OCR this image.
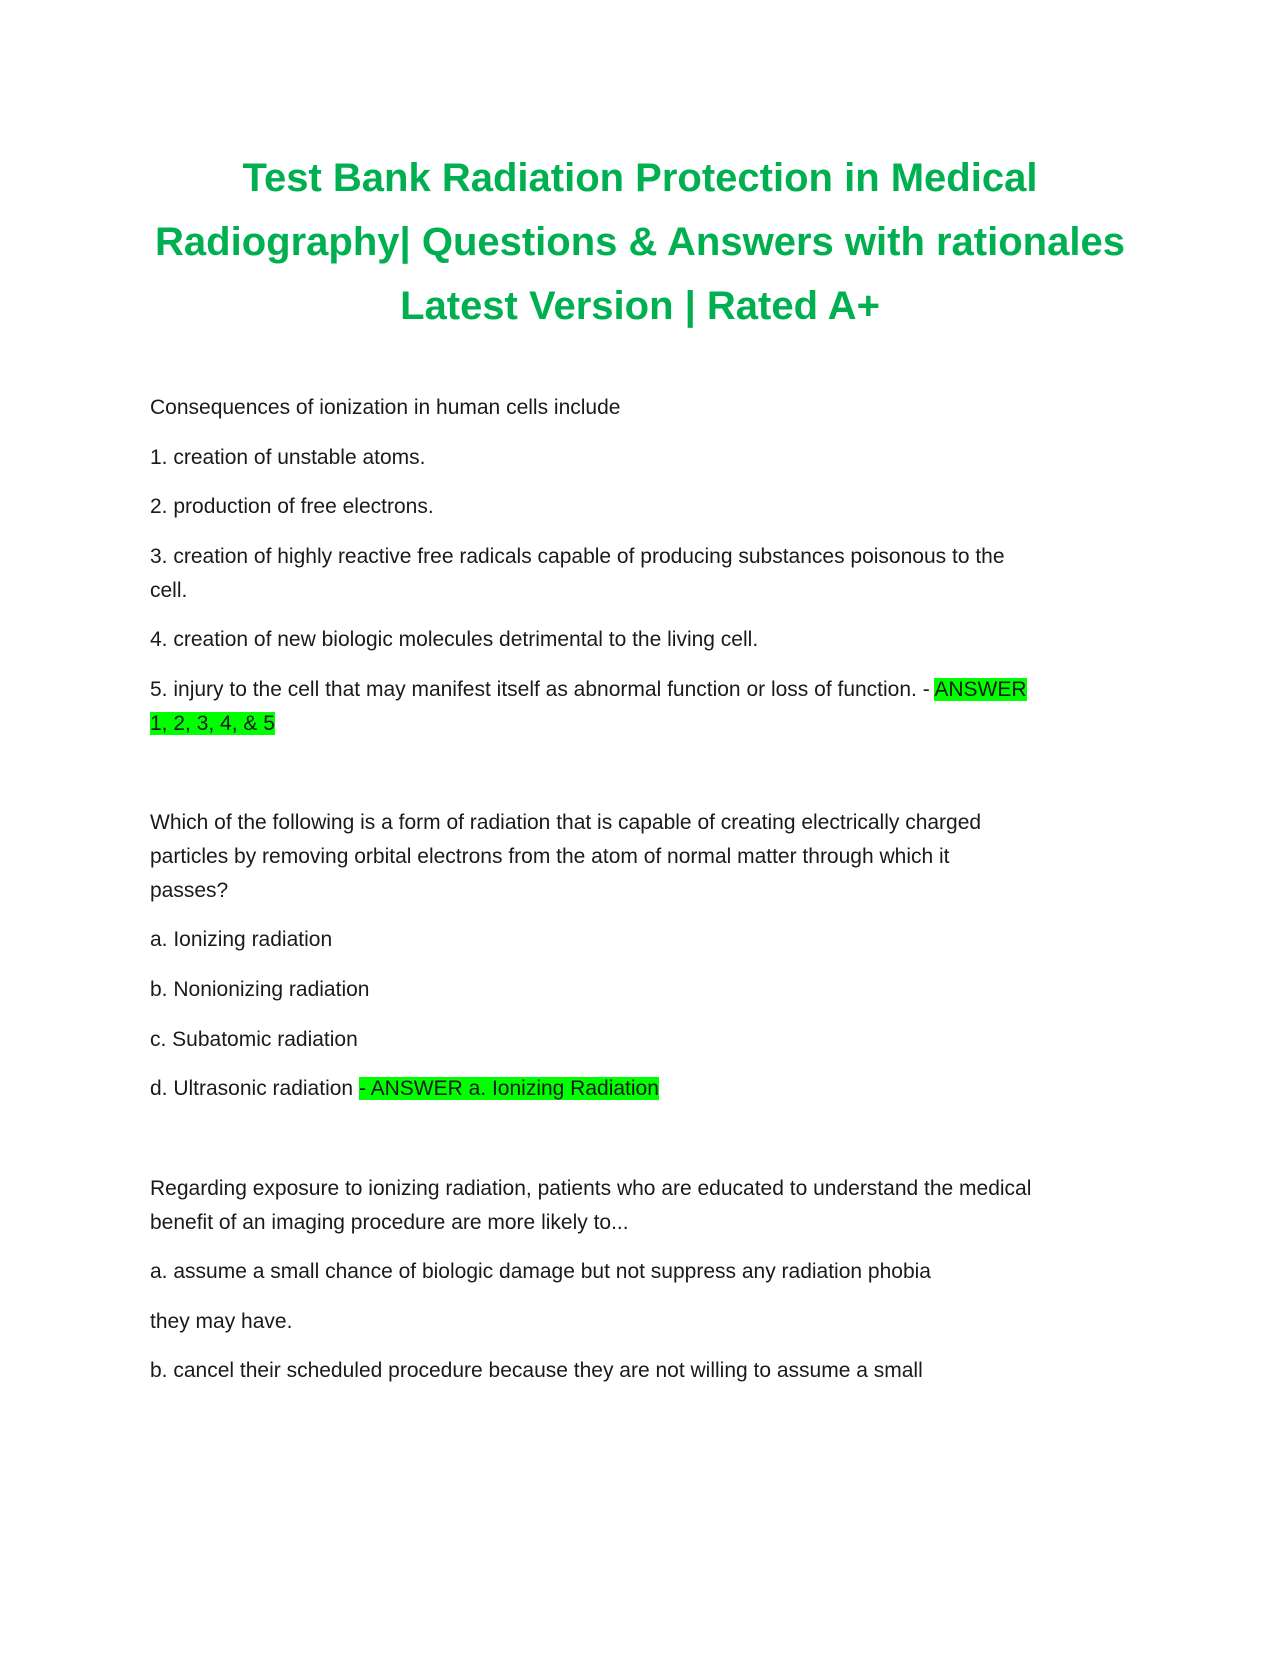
Test Bank Radiation Protection in Medical
Radiography| Questions & Answers with rationales
Latest Version | Rated A+

Consequences of ionization in human cells include

1. creation of unstable atoms.

2. production of free electrons.

3. creation of highly reactive free radicals capable of producing substances poisonous to the

cell.

4. creation of new biologic molecules detrimental to the living cell.

5. injury to the cell that may manifest itself as abnormal function or loss of function. - ANSWER

1, 2, 3, 4, & 5

Which of the following is a form of radiation that is capable of creating electrically charged

particles by removing orbital electrons from the atom of normal matter through which it

passes?

a. Ionizing radiation

b. Nonionizing radiation

c. Subatomic radiation

d. Ultrasonic radiation - ANSWER a. Ionizing Radiation

Regarding exposure to ionizing radiation, patients who are educated to understand the medical

benefit of an imaging procedure are more likely to...

a. assume a small chance of biologic damage but not suppress any radiation phobia

they may have.

b. cancel their scheduled procedure because they are not willing to assume a small
